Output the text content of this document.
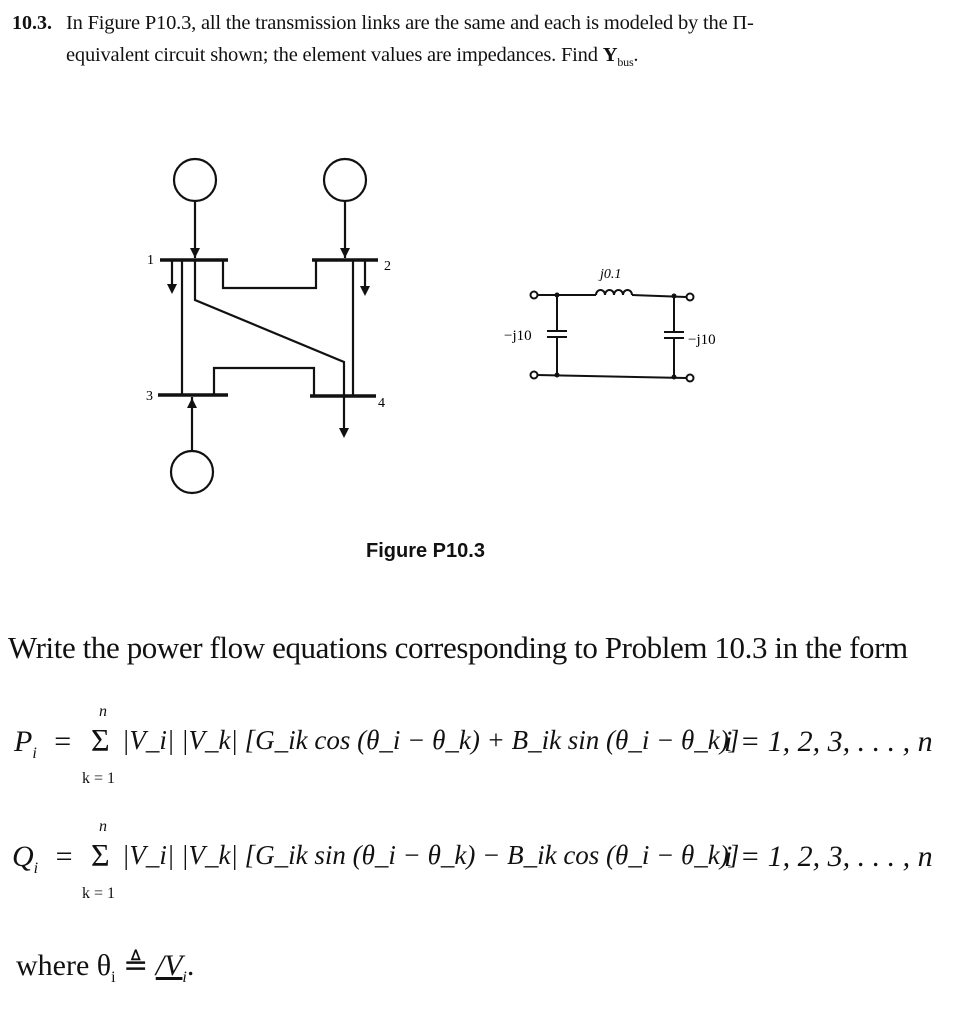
10.3. In Figure P10.3, all the transmission links are the same and each is modeled by the Π-
equivalent circuit shown; the element values are impedances. Find $Y_{bus}$.
1	2
3	4
j0.1
−j10	−j10
Figure P10.3
Write the power flow equations corresponding to Problem 10.3 in the form
$P_i$ =
n
Σ
k = 1
|V_i| |V_k| [G_ik cos (θ_i − θ_k) + B_ik sin (θ_i − θ_k)]
i = 1, 2, 3, . . . , n
$Q_i$ =
n
Σ
k = 1
|V_i| |V_k| [G_ik sin (θ_i − θ_k) − B_ik cos (θ_i − θ_k)]
i = 1, 2, 3, . . . , n
where $\theta_i$ ≜ $/V_i$.
